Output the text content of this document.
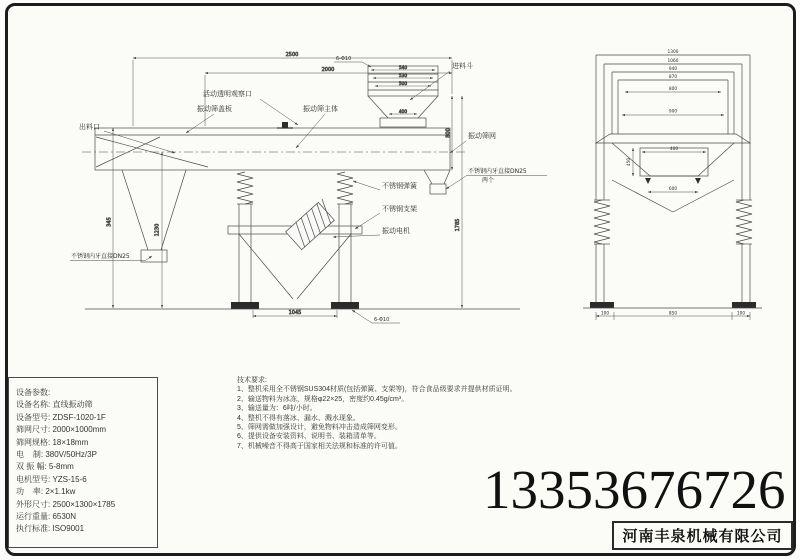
2500
2000	540
530
500
400
800
1785
345
1230
1045
活动透明观察口
振动筛盖板	振动筛主体
出料口
进料斗
振动筛网
不锈钢内牙直接DN25
两个
不锈钢弹簧
不锈钢支架
振动电机
不锈钢内牙直接DN25
6-Φ10
6-Φ10
1300
1060
940
870
800
900
400
450
600
100	850	100

设备参数:

设备名称: 直线振动筛

设备型号: ZDSF-1020-1F

筛网尺寸: 2000×1000mm

筛网规格: 18×18mm

电    制: 380V/50Hz/3P

双 振 幅: 5-8mm

电机型号: YZS-15-6

功    率: 2×1.1kw

外形尺寸: 2500×1300×1785

运行重量: 6530N

执行标准: ISO9001

技术要求:

1、整机采用全不锈钢SUS304材质(包括弹簧、支架等)，符合食品级要求并提供材质证明。

2、输送物料为冰冻，规格φ22×25，密度约0.45g/cm³。

3、输送量为：6吨/小时。

4、整机不得有落冰、漏水、溅水现象。

5、筛网需做加强设计，避免物料冲击造成筛网变形。

6、提供设备安装资料、说明书、装箱清单等。

7、机械噪音不得高于国家相关法规和标准的许可值。

13353676726
河南丰泉机械有限公司
